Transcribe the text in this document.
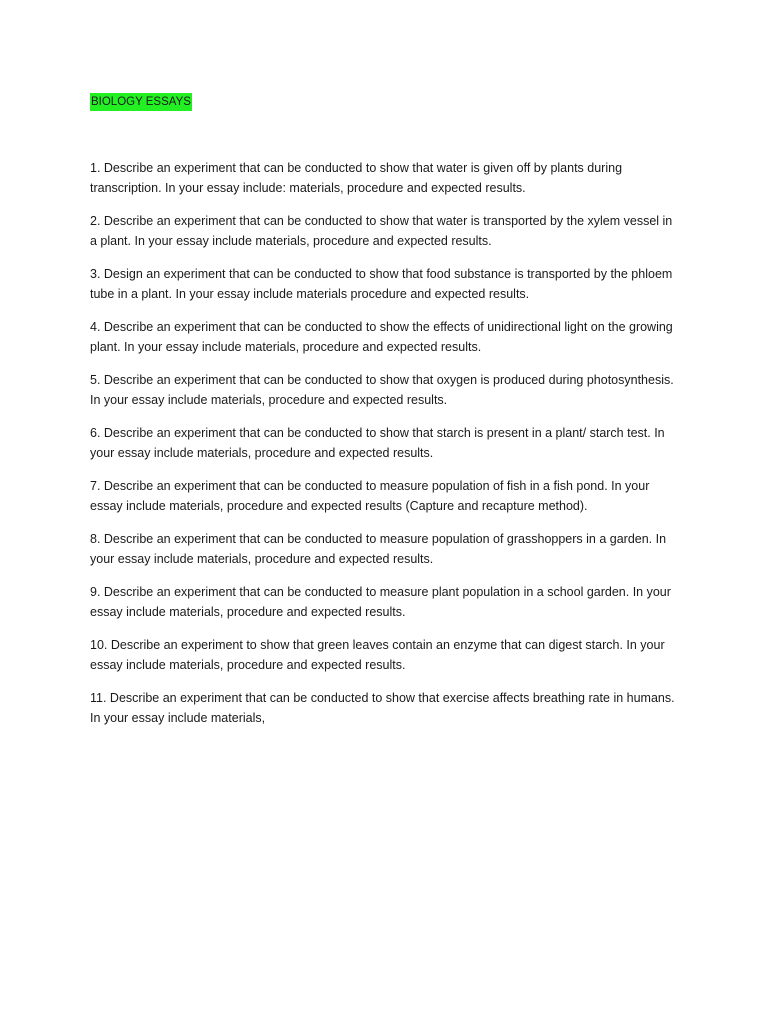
BIOLOGY ESSAYS

1. Describe an experiment that can be conducted to show that water is given off by plants during transcription. In your essay include: materials, procedure and expected results.

2. Describe an experiment that can be conducted to show that water is transported by the xylem vessel in a plant. In your essay include materials, procedure and expected results.

3. Design an experiment that can be conducted to show that food substance is transported by the phloem tube in a plant. In your essay include materials procedure and expected results.

4. Describe an experiment that can be conducted to show the effects of unidirectional light on the growing plant. In your essay include materials, procedure and expected results.

5. Describe an experiment that can be conducted to show that oxygen is produced during photosynthesis. In your essay include materials, procedure and expected results.

6. Describe an experiment that can be conducted to show that starch is present in a plant/ starch test. In your essay include materials, procedure and expected results.

7. Describe an experiment that can be conducted to measure population of fish in a fish pond. In your essay include materials, procedure and expected results (Capture and recapture method).

8. Describe an experiment that can be conducted to measure population of grasshoppers in a garden. In your essay include materials, procedure and expected results.

9. Describe an experiment that can be conducted to measure plant population in a school garden. In your essay include materials, procedure and expected results.

10. Describe an experiment to show that green leaves contain an enzyme that can digest starch. In your essay include materials, procedure and expected results.

11. Describe an experiment that can be conducted to show that exercise affects breathing rate in humans. In your essay include materials,
